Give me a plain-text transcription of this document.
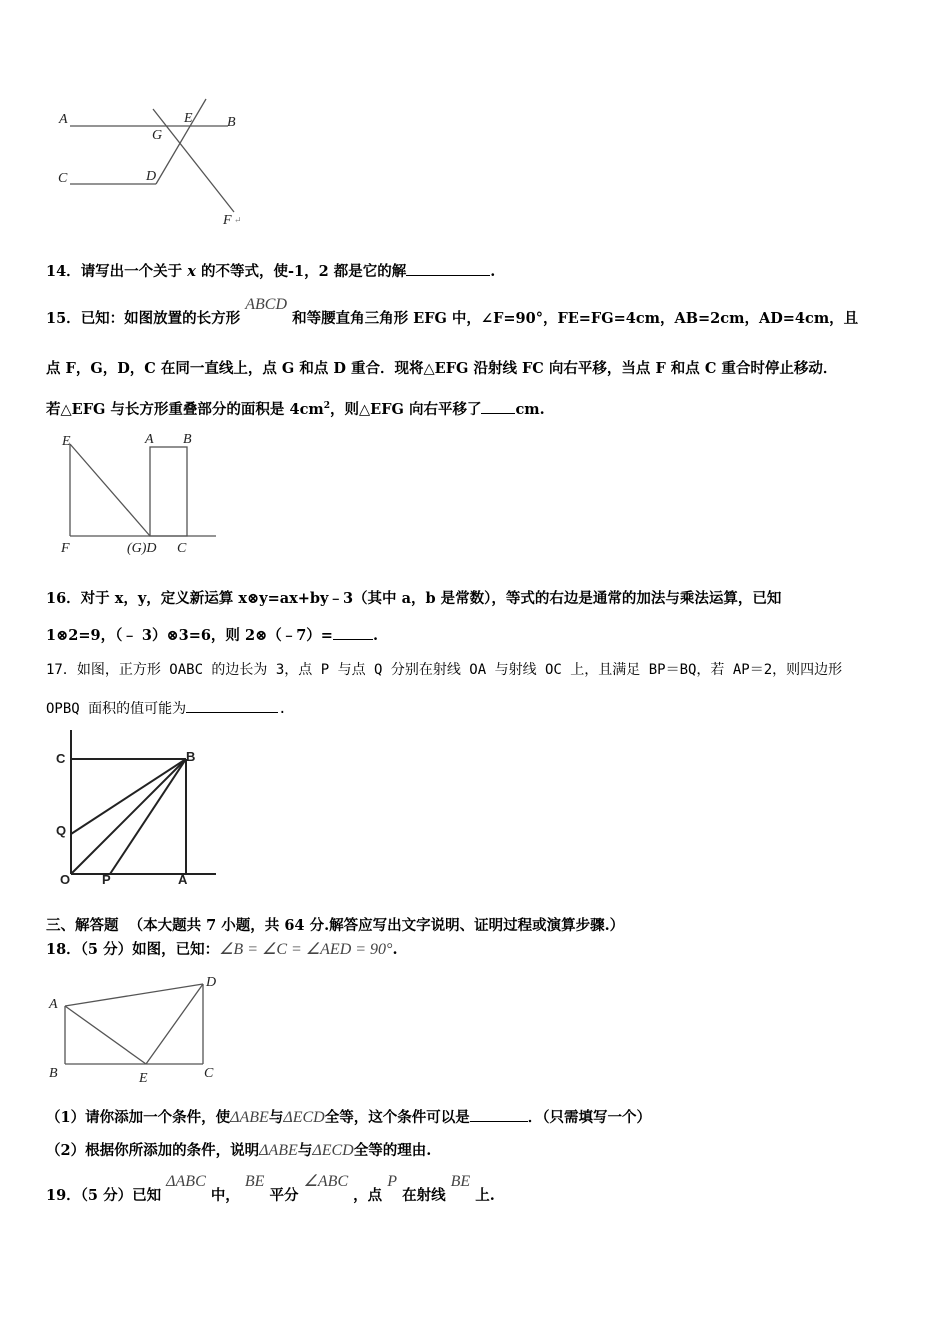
A	E B
G
C	D
F ↵
14．请写出一个关于 x 的不等式，使-1，2 都是它的解	.
15．已知：如图放置的长方形 ABCD 和等腰直角三角形 EFG 中，∠F=90°，FE=FG=4cm，AB=2cm，AD=4cm，且
点 F，G，D，C 在同一直线上，点 G 和点 D 重合．现将△EFG 沿射线 FC 向右平移，当点 F 和点 C 重合时停止移动．
若△EFG 与长方形重叠部分的面积是 $4cm^2$，则△EFG 向右平移了 cm.
E	A B
F	(G)D C
16．对于 x，y，定义新运算 x⊗y=ax+by﹣3（其中 a，b 是常数），等式的右边是通常的加法与乘法运算，已知
1⊗2=9，（﹣ 3）⊗3=6，则 2⊗（﹣7）=	.
17．如图，正方形 OABC 的边长为 3，点 P 与点 Q 分别在射线 OA 与射线 OC 上，且满足 BP＝BQ，若 AP＝2，则四边形
OPBQ 面积的值可能为	.
C	B
Q
O P	A
三、解答题 （本大题共 7 小题，共 64 分.解答应写出文字说明、证明过程或演算步骤.）
18．（5 分）如图，已知：∠B = ∠C = ∠AED = 90°.
A
D
B	E	C
（1）请你添加一个条件，使ΔABE与ΔECD全等，这个条件可以是	．（只需填写一个）
（2）根据你所添加的条件，说明ΔABE与ΔECD全等的理由.
19．（5 分）已知 ΔABC 中， BE 平分 ∠ABC ，点 P 在射线 BE 上.
